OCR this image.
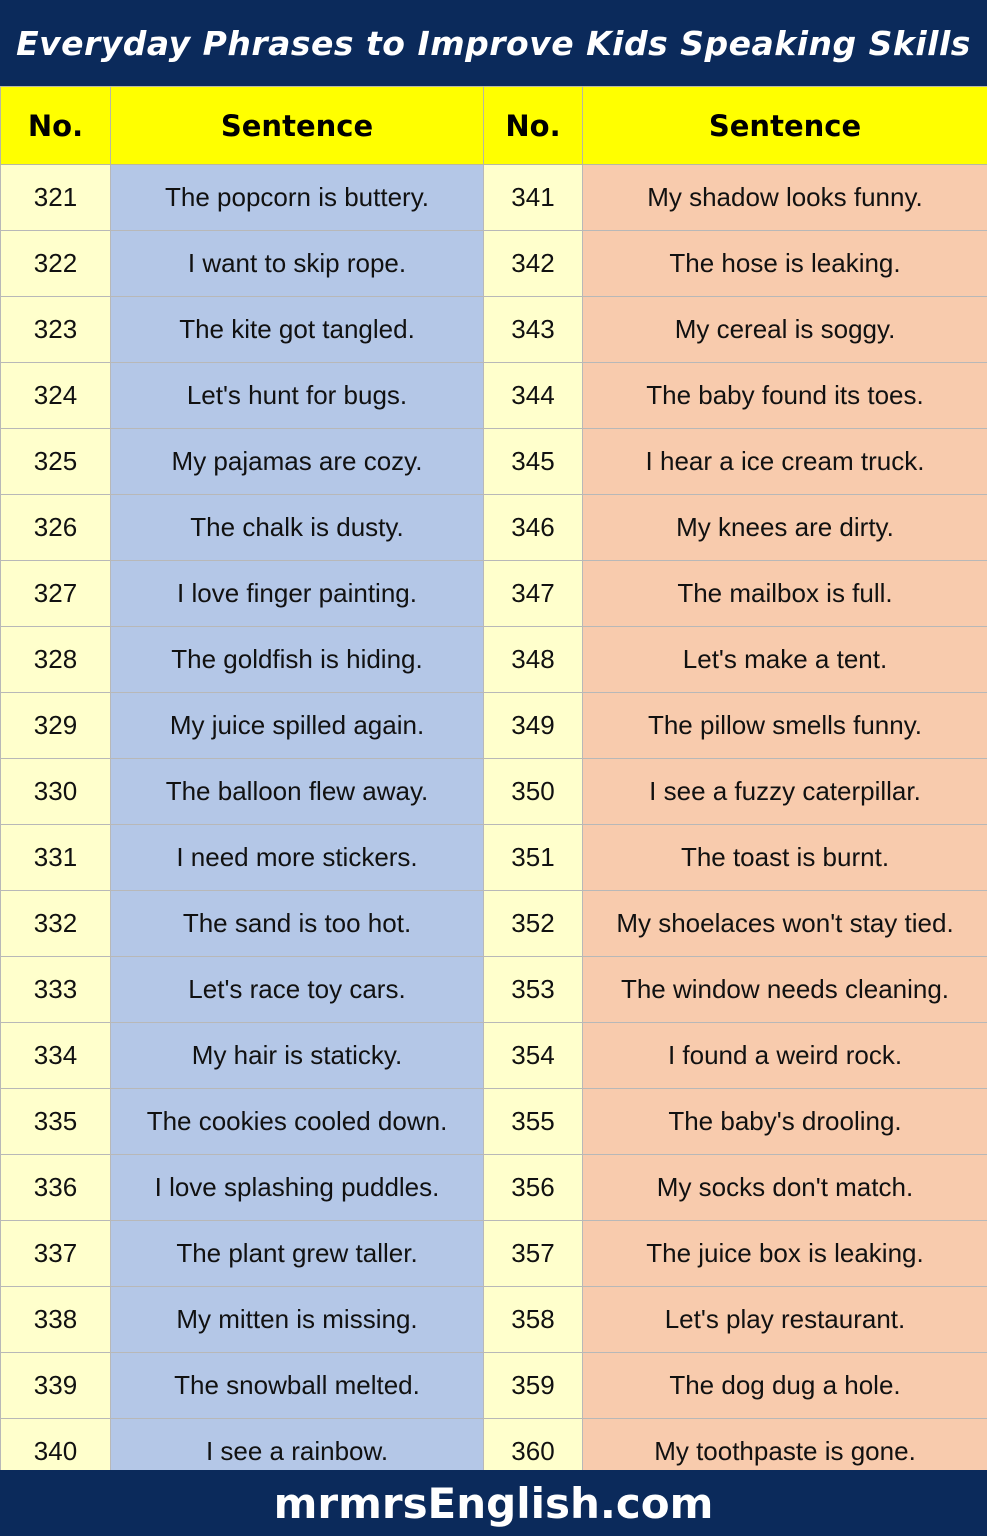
Everyday Phrases to Improve Kids Speaking Skills
No.	Sentence	No.	Sentence
321	The popcorn is buttery.	341	My shadow looks funny.
322	I want to skip rope.	342	The hose is leaking.
323	The kite got tangled.	343	My cereal is soggy.
324	Let's hunt for bugs.	344	The baby found its toes.
325	My pajamas are cozy.	345	I hear a ice cream truck.
326	The chalk is dusty.	346	My knees are dirty.
327	I love finger painting.	347	The mailbox is full.
328	The goldfish is hiding.	348	Let's make a tent.
329	My juice spilled again.	349	The pillow smells funny.
330	The balloon flew away.	350	I see a fuzzy caterpillar.
331	I need more stickers.	351	The toast is burnt.
332	The sand is too hot.	352	My shoelaces won't stay tied.
333	Let's race toy cars.	353	The window needs cleaning.
334	My hair is staticky.	354	I found a weird rock.
335	The cookies cooled down.	355	The baby's drooling.
336	I love splashing puddles.	356	My socks don't match.
337	The plant grew taller.	357	The juice box is leaking.
338	My mitten is missing.	358	Let's play restaurant.
339	The snowball melted.	359	The dog dug a hole.
340	I see a rainbow.	360	My toothpaste is gone.
mrmrsEnglish.com
